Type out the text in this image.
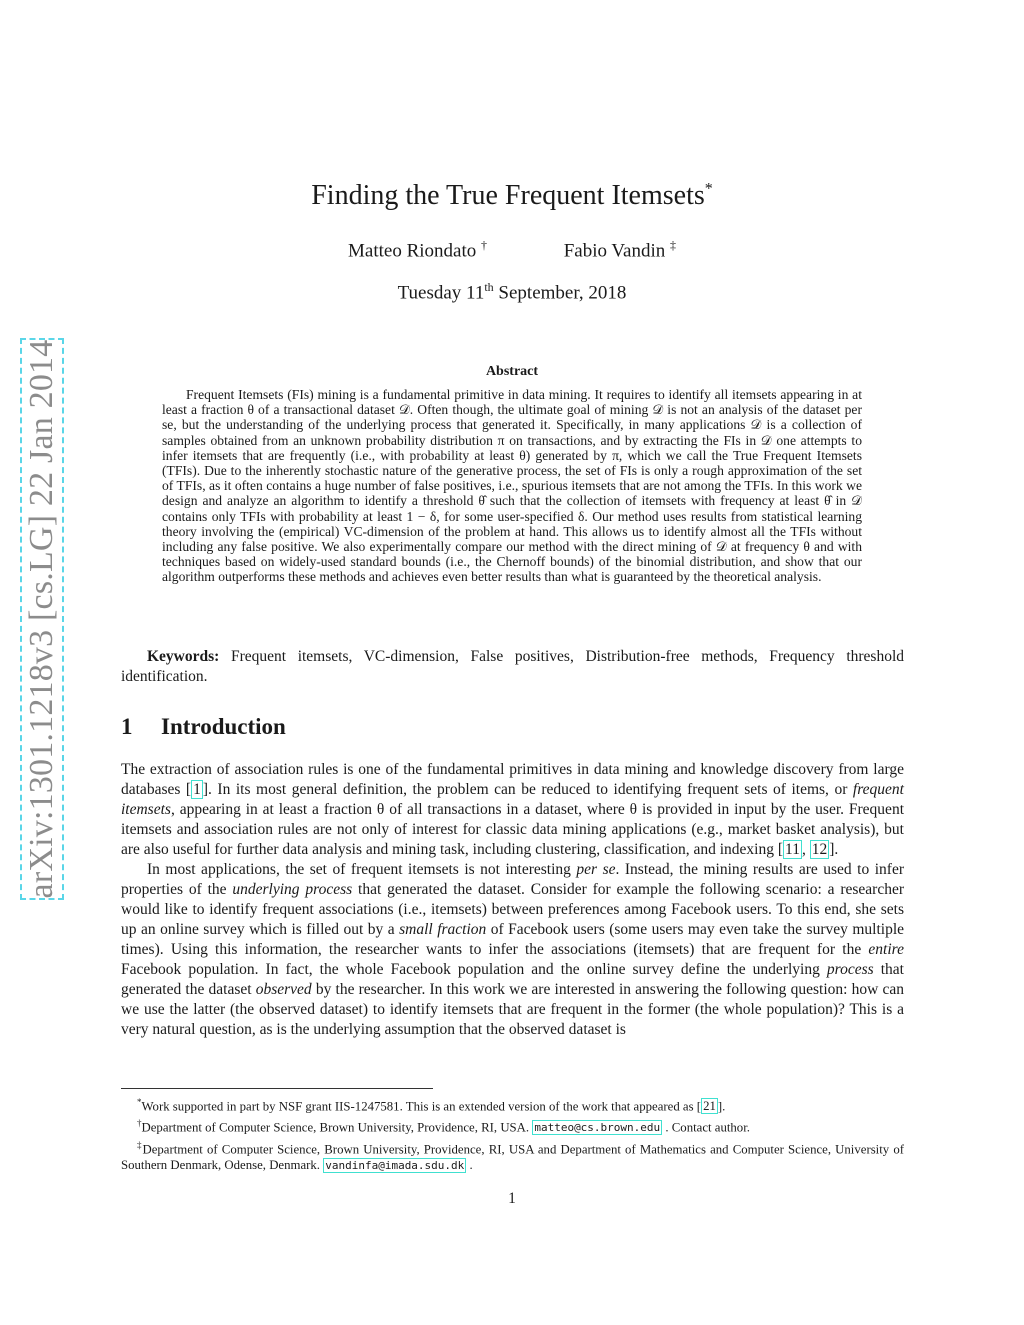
arXiv:1301.1218v3 [cs.LG] 22 Jan 2014
Finding the True Frequent Itemsets*
Matteo Riondato †	Fabio Vandin ‡
Tuesday 11th September, 2018
Abstract

Frequent Itemsets (FIs) mining is a fundamental primitive in data mining. It requires to identify all itemsets appearing in at least a fraction θ of a transactional dataset 𝒟. Often though, the ultimate goal of mining 𝒟 is not an analysis of the dataset per se, but the understanding of the underlying process that generated it. Specifically, in many applications 𝒟 is a collection of samples obtained from an unknown probability distribution π on transactions, and by extracting the FIs in 𝒟 one attempts to infer itemsets that are frequently (i.e., with probability at least θ) generated by π, which we call the True Frequent Itemsets (TFIs). Due to the inherently stochastic nature of the generative process, the set of FIs is only a rough approximation of the set of TFIs, as it often contains a huge number of false positives, i.e., spurious itemsets that are not among the TFIs. In this work we design and analyze an algorithm to identify a threshold θ̂ such that the collection of itemsets with frequency at least θ̂ in 𝒟 contains only TFIs with probability at least 1 − δ, for some user-specified δ. Our method uses results from statistical learning theory involving the (empirical) VC-dimension of the problem at hand. This allows us to identify almost all the TFIs without including any false positive. We also experimentally compare our method with the direct mining of 𝒟 at frequency θ and with techniques based on widely-used standard bounds (i.e., the Chernoff bounds) of the binomial distribution, and show that our algorithm outperforms these methods and achieves even better results than what is guaranteed by the theoretical analysis.

Keywords: Frequent itemsets, VC-dimension, False positives, Distribution-free methods, Frequency threshold identification.

1 Introduction

The extraction of association rules is one of the fundamental primitives in data mining and knowledge discovery from large databases [ 1 ]. In its most general definition, the problem can be reduced to identifying frequent sets of items, or frequent itemsets, appearing in at least a fraction θ of all transactions in a dataset, where θ is provided in input by the user. Frequent itemsets and association rules are not only of interest for classic data mining applications (e.g., market basket analysis), but are also useful for further data analysis and mining task, including clustering, classification, and indexing [ 11 , 12 ].

In most applications, the set of frequent itemsets is not interesting per se. Instead, the mining results are used to infer properties of the underlying process that generated the dataset. Consider for example the following scenario: a researcher would like to identify frequent associations (i.e., itemsets) between preferences among Facebook users. To this end, she sets up an online survey which is filled out by a small fraction of Facebook users (some users may even take the survey multiple times). Using this information, the researcher wants to infer the associations (itemsets) that are frequent for the entire Facebook population. In fact, the whole Facebook population and the online survey define the underlying process that generated the dataset observed by the researcher. In this work we are interested in answering the following question: how can we use the latter (the observed dataset) to identify itemsets that are frequent in the former (the whole population)? This is a very natural question, as is the underlying assumption that the observed dataset is

*Work supported in part by NSF grant IIS-1247581. This is an extended version of the work that appeared as [ 21 ].

†Department of Computer Science, Brown University, Providence, RI, USA. matteo@cs.brown.edu . Contact author.

‡Department of Computer Science, Brown University, Providence, RI, USA and Department of Mathematics and Computer Science, University of Southern Denmark, Odense, Denmark. vandinfa@imada.sdu.dk .

1
